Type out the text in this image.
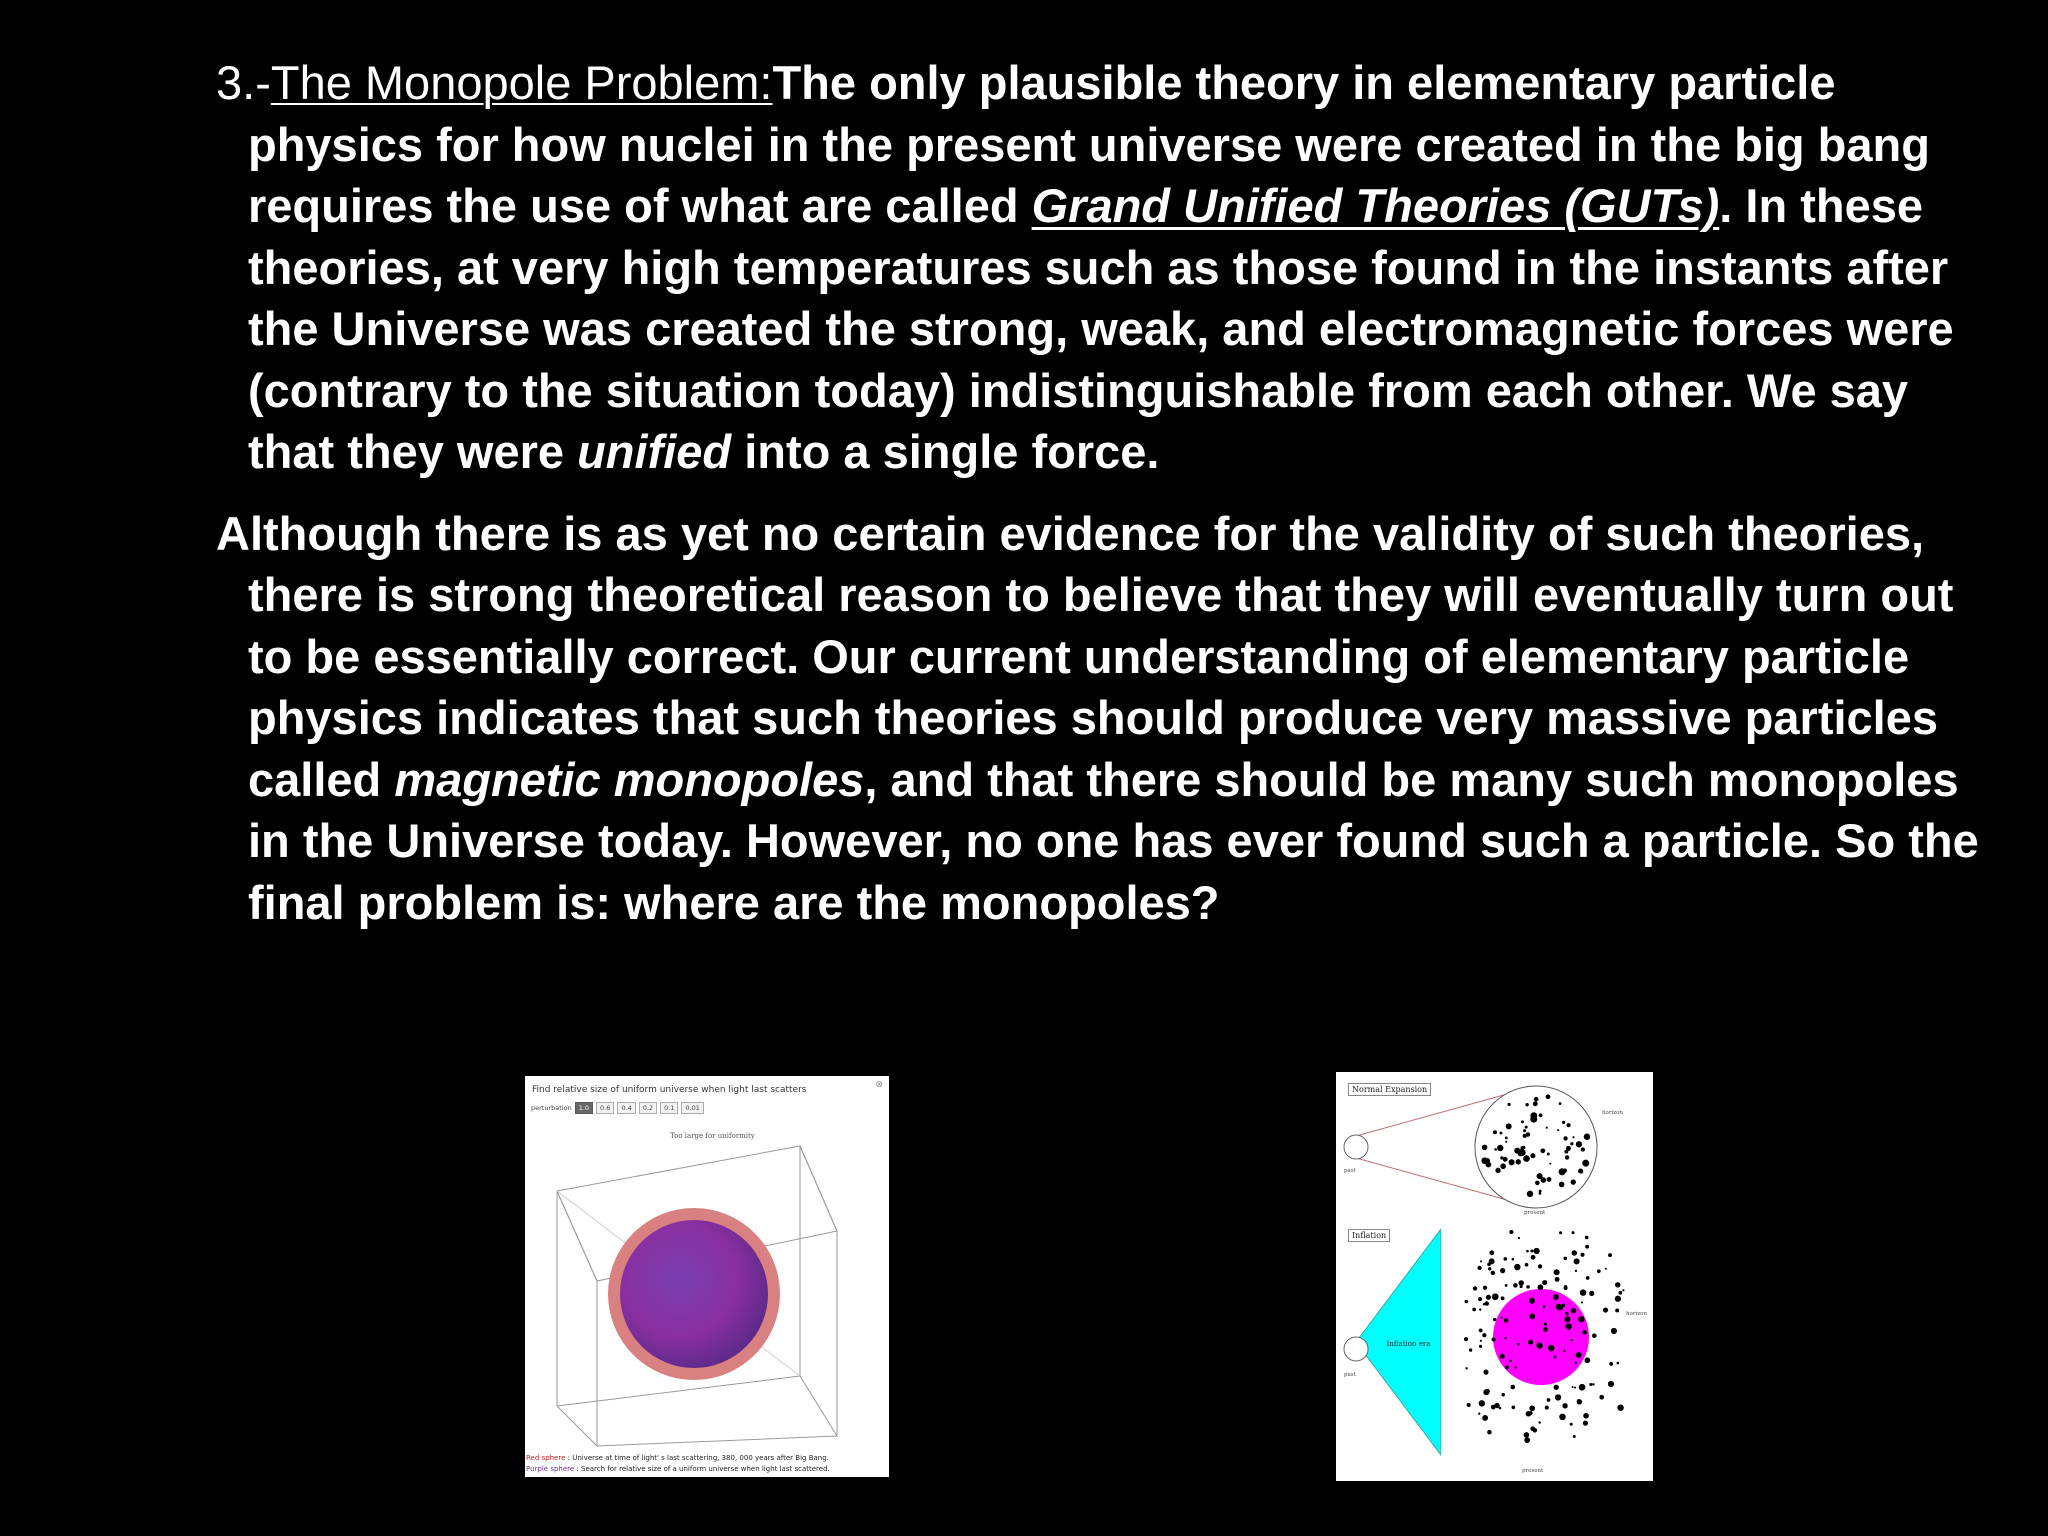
3.-The Monopole Problem:The only plausible theory in elementary particle physics for how nuclei in the present universe were created in the big bang requires the use of what are called Grand Unified Theories (GUTs). In these theories, at very high temperatures such as those found in the instants after the Universe was created the strong, weak, and electromagnetic forces were (contrary to the situation today) indistinguishable from each other. We say that they were unified into a single force.

Although there is as yet no certain evidence for the validity of such theories, there is strong theoretical reason to believe that they will eventually turn out to be essentially correct. Our current understanding of elementary particle physics indicates that such theories should produce very massive particles called magnetic monopoles, and that there should be many such monopoles in the Universe today. However, no one has ever found such a particle. So the final problem is: where are the monopoles?

Find relative size of uniform universe when light last scatters
⊗
perturbation	1.0	0.6	0.4	0.2	0.1	0.01
Too large for uniformity
Red sphere : Universe at time of light' s last scattering, 380, 000 years after Big Bang.
Purple sphere : Search for relative size of a uniform universe when light last scattered.
Normal Expansion
Inflation
horizon
past
present
horizon
past
present
Inflation era
